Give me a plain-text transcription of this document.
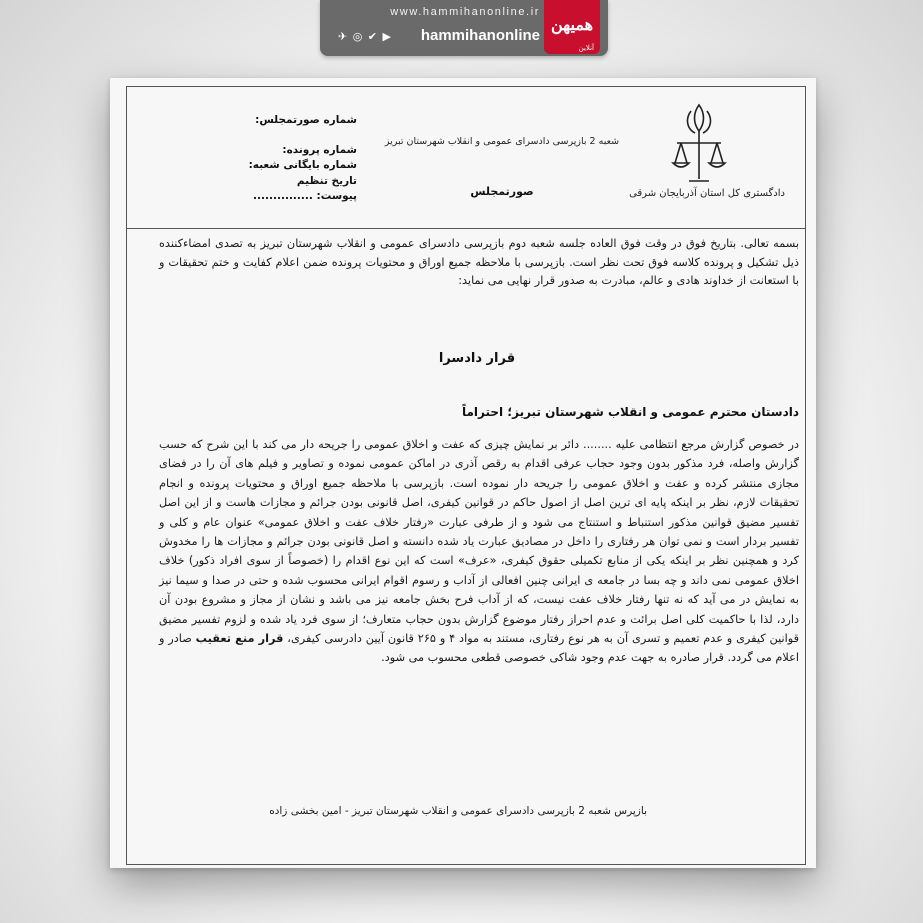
www.hammihanonline.ir
✈ ◎ ✔ ▶	hammihanonline
همیهن
آنلاین
دادگستری کل استان آذربایجان شرقی
شعبه 2 بازپرسی دادسرای عمومی و انقلاب شهرستان تبریز
صورتمجلس
شماره صورتمجلس:
شماره پرونده:
شماره بایگانی شعبه:
تاریخ تنظیم
پیوست: ...............
بسمه تعالی. بتاریخ فوق در وقت فوق العاده جلسه شعبه دوم بازپرسی دادسرای عمومی و انقلاب شهرستان تبریز به تصدی امضاءکننده ذیل تشکیل و پرونده کلاسه فوق تحت نظر است. بازپرسی با ملاحظه جمیع اوراق و محتویات پرونده ضمن اعلام کفایت و ختم تحقیقات و با استعانت از خداوند هادی و عالم، مبادرت به صدور قرار نهایی می نماید:
قرار دادسرا
دادستان محترم عمومی و انقلاب شهرستان تبریز؛ احتراماً
در خصوص گزارش مرجع انتظامی علیه ........ دائر بر نمایش چیزی که عفت و اخلاق عمومی را جریحه دار می کند با این شرح که حسب گزارش واصله، فرد مذکور بدون وجود حجاب عرفی اقدام به رقص آذری در اماکن عمومی نموده و تصاویر و فیلم های آن را در فضای مجازی منتشر کرده و عفت و اخلاق عمومی را جریحه دار نموده است. بازپرسی با ملاحظه جمیع اوراق و محتویات پرونده و انجام تحقیقات لازم، نظر بر اینکه پایه ای ترین اصل از اصول حاکم در قوانین کیفری، اصل قانونی بودن جرائم و مجازات هاست و از این اصل تفسیر مضیق قوانین مذکور استنباط و استنتاج می شود و از طرفی عبارت «رفتار خلاف عفت و اخلاق عمومی» عنوان عام و کلی و تفسیر بردار است و نمی توان هر رفتاری را داخل در مصادیق عبارت یاد شده دانسته و اصل قانونی بودن جرائم و مجازات ها را مخدوش کرد و همچنین نظر بر اینکه یکی از منابع تکمیلی حقوق کیفری، «عرف» است که این نوع اقدام را (خصوصاً از سوی افراد ذکور) خلاف اخلاق عمومی نمی داند و چه بسا در جامعه ی ایرانی چنین افعالی از آداب و رسوم اقوام ایرانی محسوب شده و حتی در صدا و سیما نیز به نمایش در می آید که نه تنها رفتار خلاف عفت نیست، که از آداب فرح بخش جامعه نیز می باشد و نشان از مجاز و مشروع بودن آن دارد، لذا با حاکمیت کلی اصل برائت و عدم احراز رفتار موضوع گزارش بدون حجاب متعارف؛ از سوی فرد یاد شده و لزوم تفسیر مضیق قوانین کیفری و عدم تعمیم و تسری آن به هر نوع رفتاری، مستند به مواد ۴ و ۲۶۵ قانون آیین دادرسی کیفری، قرار منع تعقیب صادر و اعلام می گردد. قرار صادره به جهت عدم وجود شاکی خصوصی قطعی محسوب می شود.
بازپرس شعبه 2 بازپرسی دادسرای عمومی و انقلاب شهرستان تبریز - امین بخشی زاده
